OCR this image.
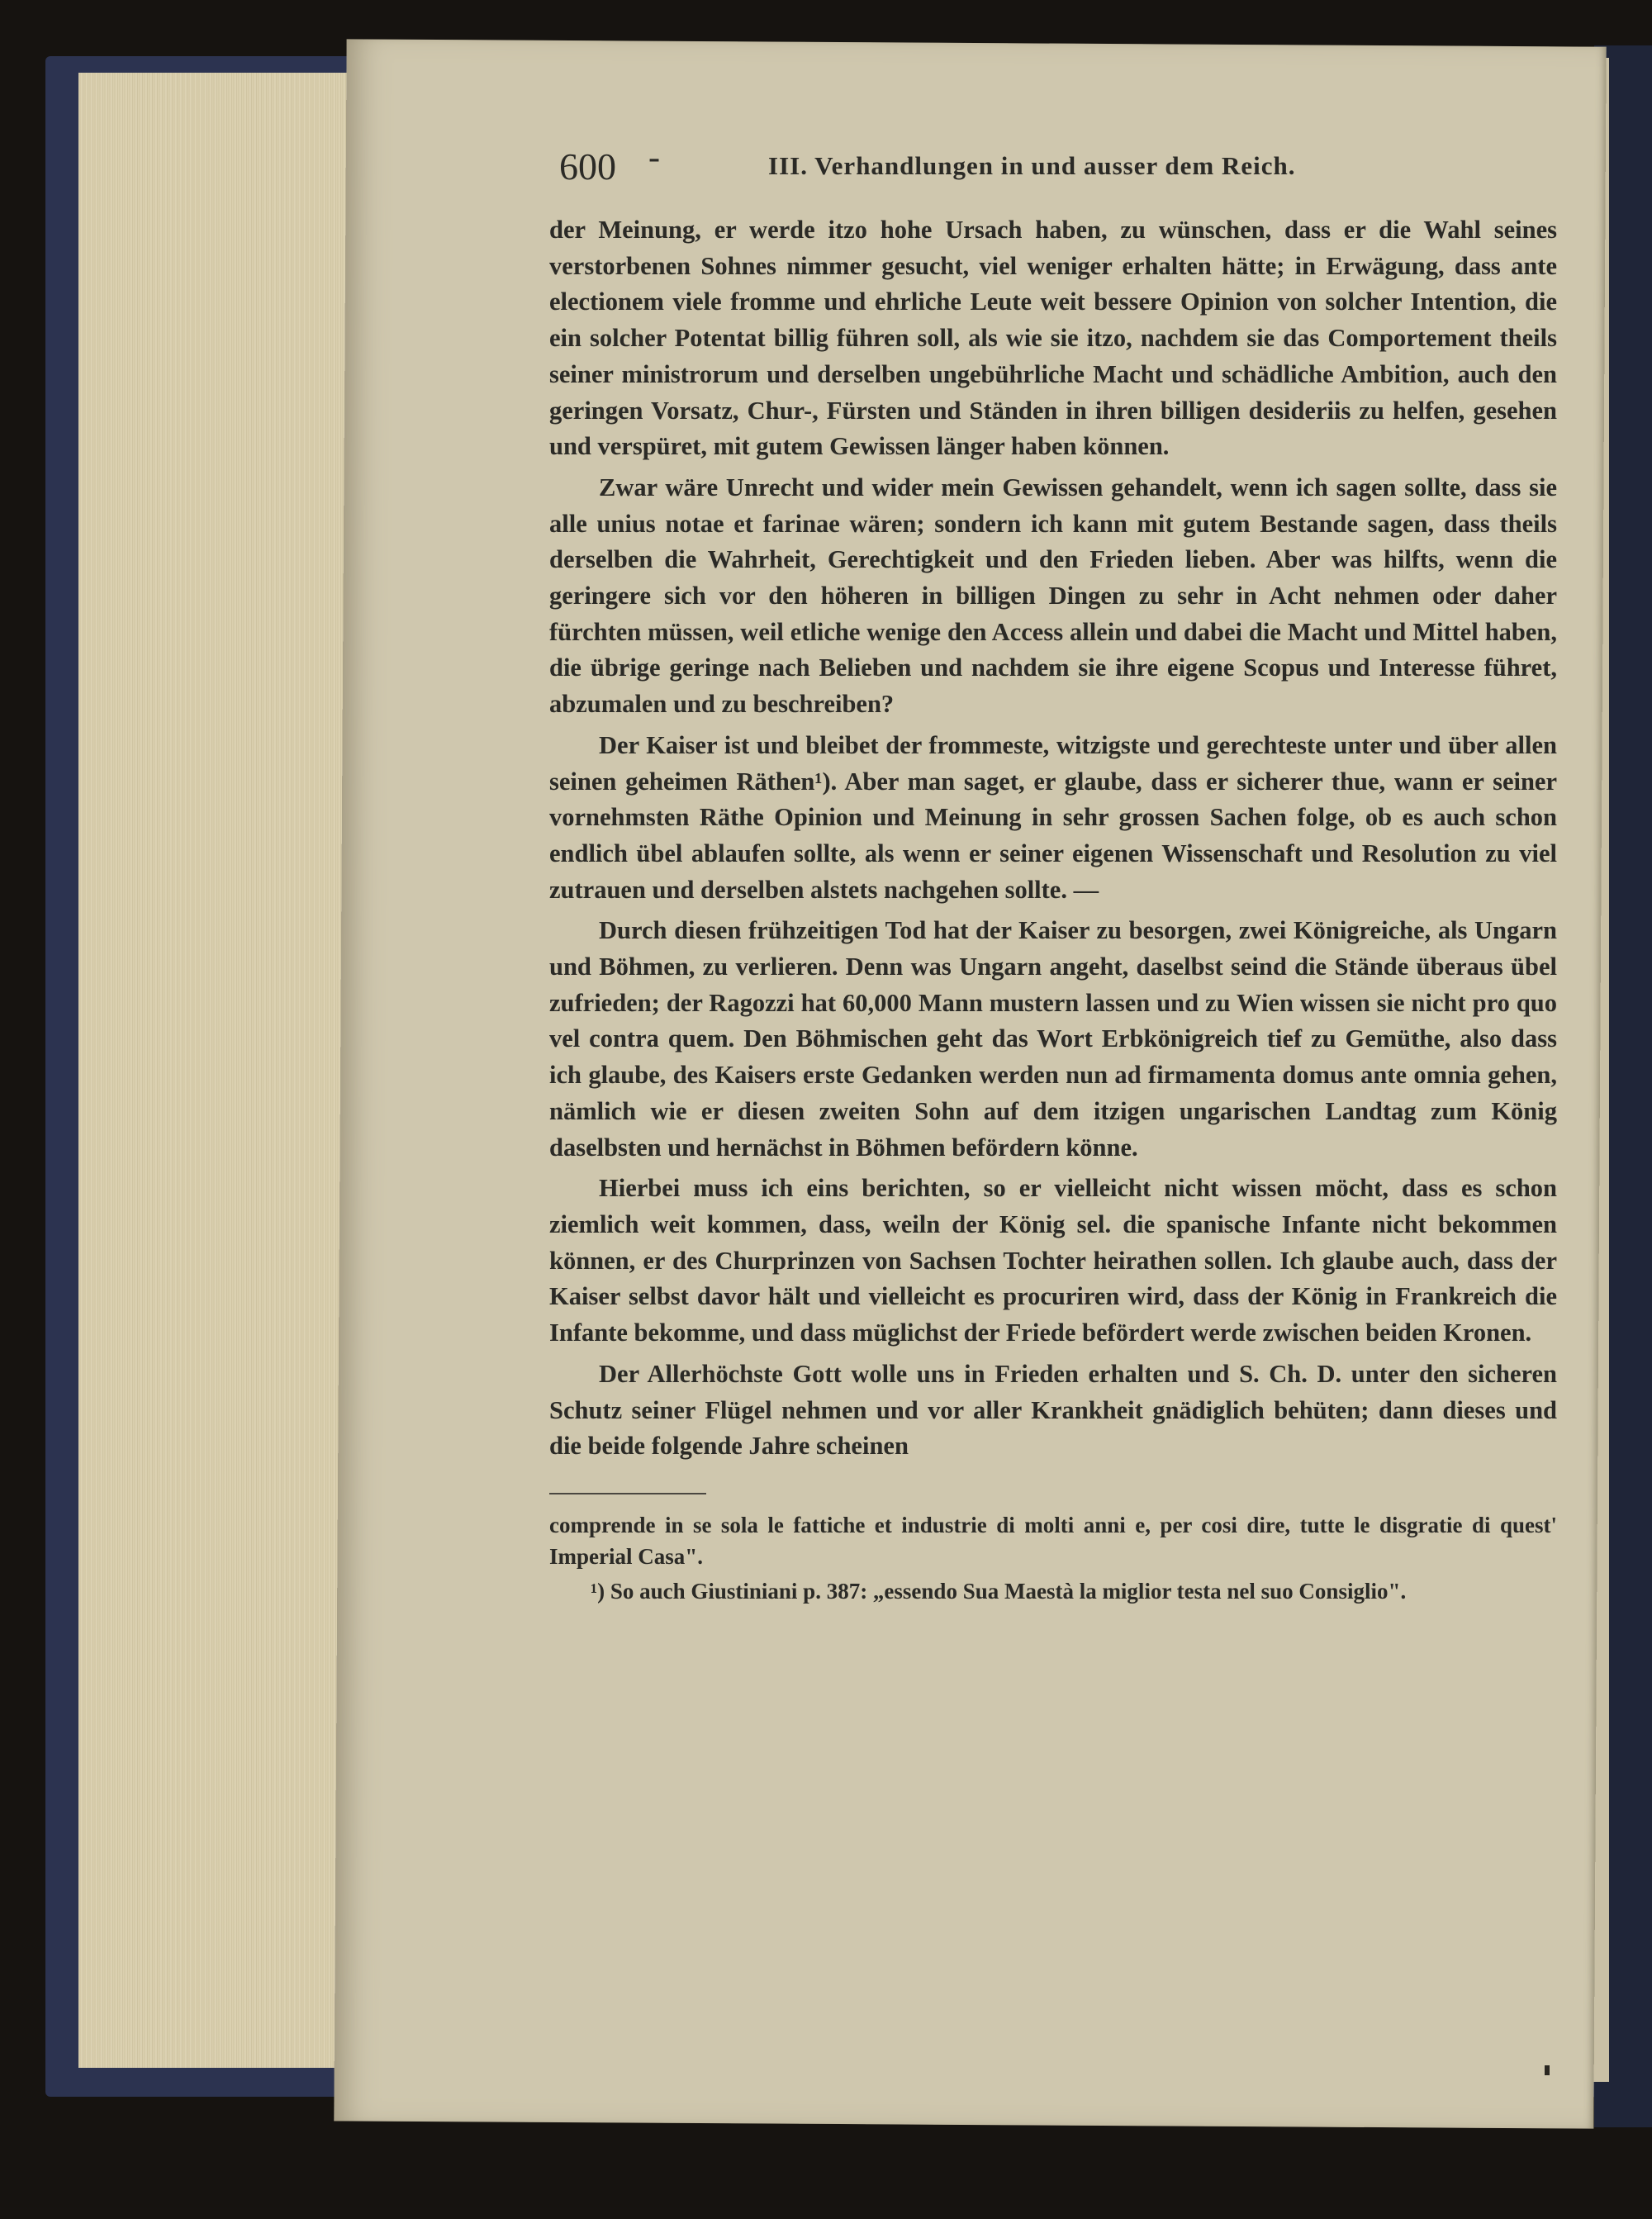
600 -	III. Verhandlungen in und ausser dem Reich.

der Meinung, er werde itzo hohe Ursach haben, zu wünschen, dass er die Wahl seines verstorbenen Sohnes nimmer gesucht, viel weniger erhalten hätte; in Erwägung, dass ante electionem viele fromme und ehrliche Leute weit bessere Opinion von solcher Intention, die ein solcher Potentat billig führen soll, als wie sie itzo, nachdem sie das Comportement theils seiner ministrorum und derselben ungebührliche Macht und schädliche Ambition, auch den geringen Vorsatz, Chur-, Fürsten und Ständen in ihren billigen desideriis zu helfen, gesehen und verspüret, mit gutem Gewissen länger haben können.

Zwar wäre Unrecht und wider mein Gewissen gehandelt, wenn ich sagen sollte, dass sie alle unius notae et farinae wären; sondern ich kann mit gutem Bestande sagen, dass theils derselben die Wahrheit, Gerechtigkeit und den Frieden lieben. Aber was hilfts, wenn die geringere sich vor den höheren in billigen Dingen zu sehr in Acht nehmen oder daher fürchten müssen, weil etliche wenige den Access allein und dabei die Macht und Mittel haben, die übrige geringe nach Belieben und nachdem sie ihre eigene Scopus und Interesse führet, abzumalen und zu beschreiben?

Der Kaiser ist und bleibet der frommeste, witzigste und gerechteste unter und über allen seinen geheimen Räthen¹). Aber man saget, er glaube, dass er sicherer thue, wann er seiner vornehmsten Räthe Opinion und Meinung in sehr grossen Sachen folge, ob es auch schon endlich übel ablaufen sollte, als wenn er seiner eigenen Wissenschaft und Resolution zu viel zutrauen und derselben alstets nachgehen sollte. —

Durch diesen frühzeitigen Tod hat der Kaiser zu besorgen, zwei Königreiche, als Ungarn und Böhmen, zu verlieren. Denn was Ungarn angeht, daselbst seind die Stände überaus übel zufrieden; der Ragozzi hat 60,000 Mann mustern lassen und zu Wien wissen sie nicht pro quo vel contra quem. Den Böhmischen geht das Wort Erbkönigreich tief zu Gemüthe, also dass ich glaube, des Kaisers erste Gedanken werden nun ad firmamenta domus ante omnia gehen, nämlich wie er diesen zweiten Sohn auf dem itzigen ungarischen Landtag zum König daselbsten und hernächst in Böhmen befördern könne.

Hierbei muss ich eins berichten, so er vielleicht nicht wissen möcht, dass es schon ziemlich weit kommen, dass, weiln der König sel. die spanische Infante nicht bekommen können, er des Churprinzen von Sachsen Tochter heirathen sollen. Ich glaube auch, dass der Kaiser selbst davor hält und vielleicht es procuriren wird, dass der König in Frankreich die Infante bekomme, und dass müglichst der Friede befördert werde zwischen beiden Kronen.

Der Allerhöchste Gott wolle uns in Frieden erhalten und S. Ch. D. unter den sicheren Schutz seiner Flügel nehmen und vor aller Krankheit gnädiglich behüten; dann dieses und die beide folgende Jahre scheinen

comprende in se sola le fattiche et industrie di molti anni e, per cosi dire, tutte le disgratie di quest' Imperial Casa".

¹) So auch Giustiniani p. 387: „essendo Sua Maestà la miglior testa nel suo Consiglio".
